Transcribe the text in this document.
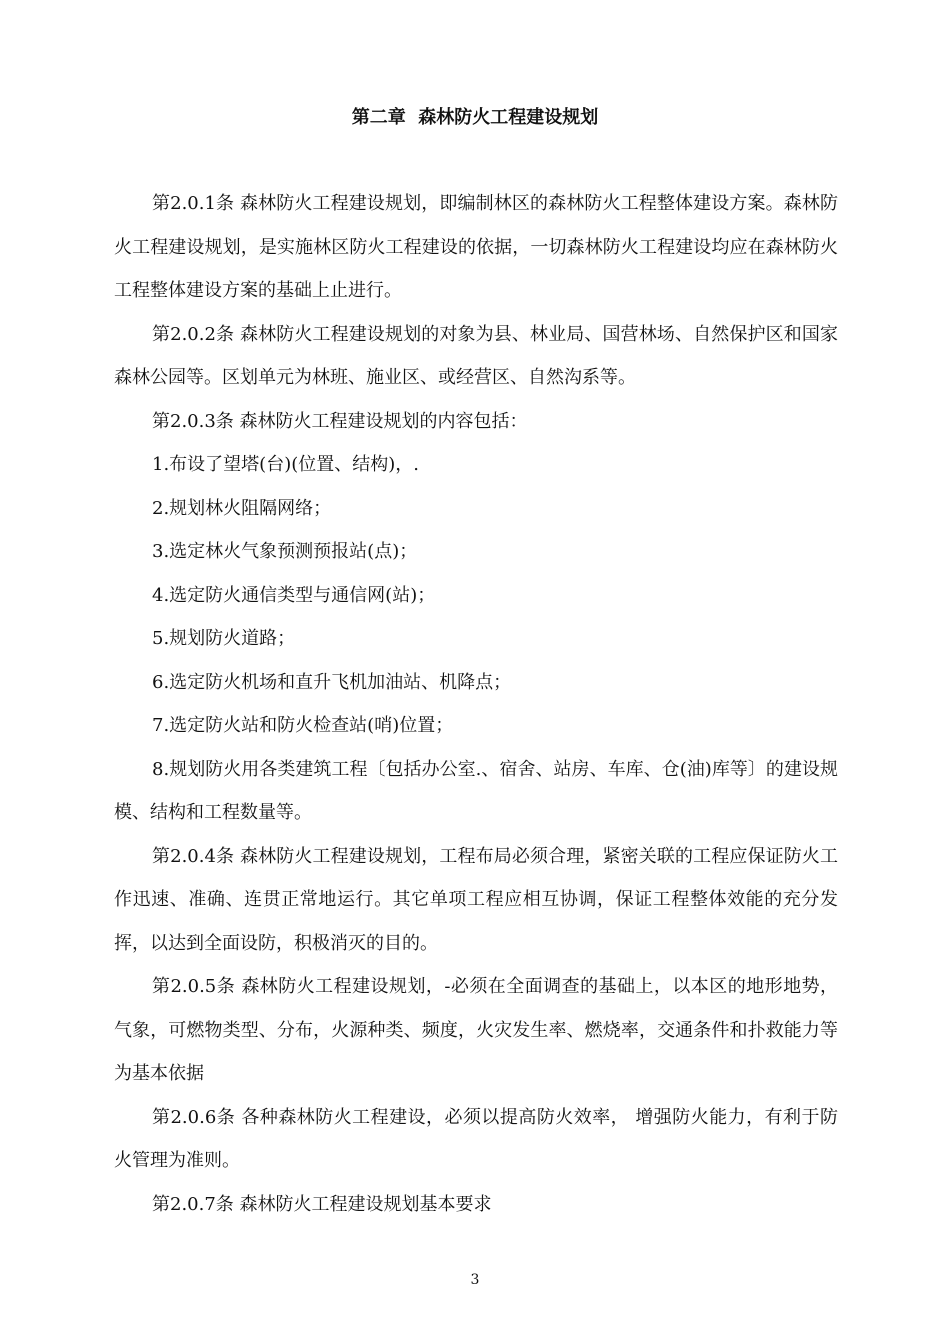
第二章  森林防火工程建设规划

第2.0.1条 森林防火工程建设规划，即编制林区的森林防火工程整体建设方案。森林防火工程建设规划，是实施林区防火工程建设的依据，一切森林防火工程建设均应在森林防火工程整体建设方案的基础上止进行。

第2.0.2条 森林防火工程建设规划的对象为县、林业局、国营林场、自然保护区和国家森林公园等。区划单元为林班、施业区、或经营区、自然沟系等。

第2.0.3条 森林防火工程建设规划的内容包括：

1.布设了望塔(台)(位置、结构)，.

2.规划林火阻隔网络；

3.选定林火气象预测预报站(点)；

4.选定防火通信类型与通信网(站)；

5.规划防火道路；

6.选定防火机场和直升飞机加油站、机降点；

7.选定防火站和防火检查站(哨)位置；

8.规划防火用各类建筑工程〔包括办公室.、宿舍、站房、车库、仓(油)库等〕的建设规模、结构和工程数量等。

第2.0.4条 森林防火工程建设规划，工程布局必须合理，紧密关联的工程应保证防火工作迅速、准确、连贯正常地运行。其它单项工程应相互协调，保证工程整体效能的充分发挥，以达到全面设防，积极消灭的目的。

第2.0.5条 森林防火工程建设规划，-必须在全面调查的基础上，以本区的地形地势，气象，可燃物类型、分布，火源种类、频度，火灾发生率、燃烧率，交通条件和扑救能力等为基本依据

第2.0.6条 各种森林防火工程建设，必须以提高防火效率， 增强防火能力，有利于防火管理为准则。

第2.0.7条 森林防火工程建设规划基本要求

3
